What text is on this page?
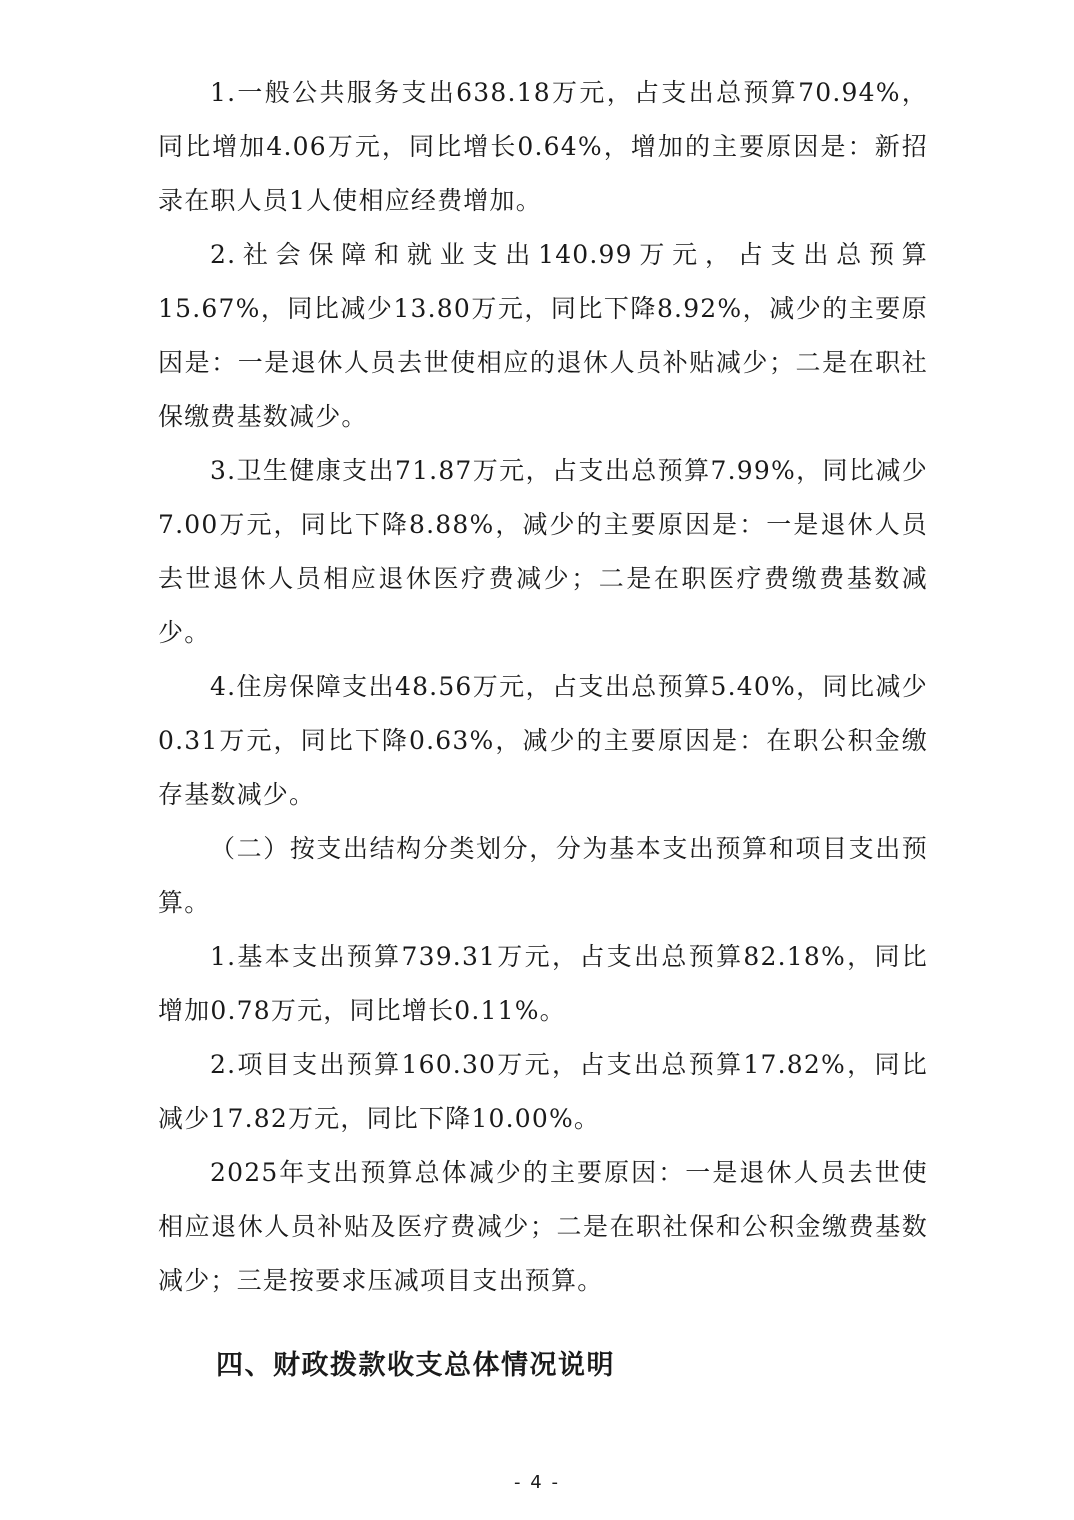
1.一般公共服务支出638.18万元，占支出总预算70.94%，同比增加4.06万元，同比增长0.64%，增加的主要原因是：新招录在职人员1人使相应经费增加。

2.社会保障和就业支出140.99万元，占支出总预算15.67%，同比减少13.80万元，同比下降8.92%，减少的主要原因是：一是退休人员去世使相应的退休人员补贴减少；二是在职社保缴费基数减少。

3.卫生健康支出71.87万元，占支出总预算7.99%，同比减少7.00万元，同比下降8.88%，减少的主要原因是：一是退休人员去世退休人员相应退休医疗费减少；二是在职医疗费缴费基数减少。

4.住房保障支出48.56万元，占支出总预算5.40%，同比减少0.31万元，同比下降0.63%，减少的主要原因是：在职公积金缴存基数减少。

（二）按支出结构分类划分，分为基本支出预算和项目支出预算。

1.基本支出预算739.31万元，占支出总预算82.18%，同比增加0.78万元，同比增长0.11%。

2.项目支出预算160.30万元，占支出总预算17.82%，同比减少17.82万元，同比下降10.00%。

2025年支出预算总体减少的主要原因：一是退休人员去世使相应退休人员补贴及医疗费减少；二是在职社保和公积金缴费基数减少；三是按要求压减项目支出预算。

四、财政拨款收支总体情况说明
- 4 -
